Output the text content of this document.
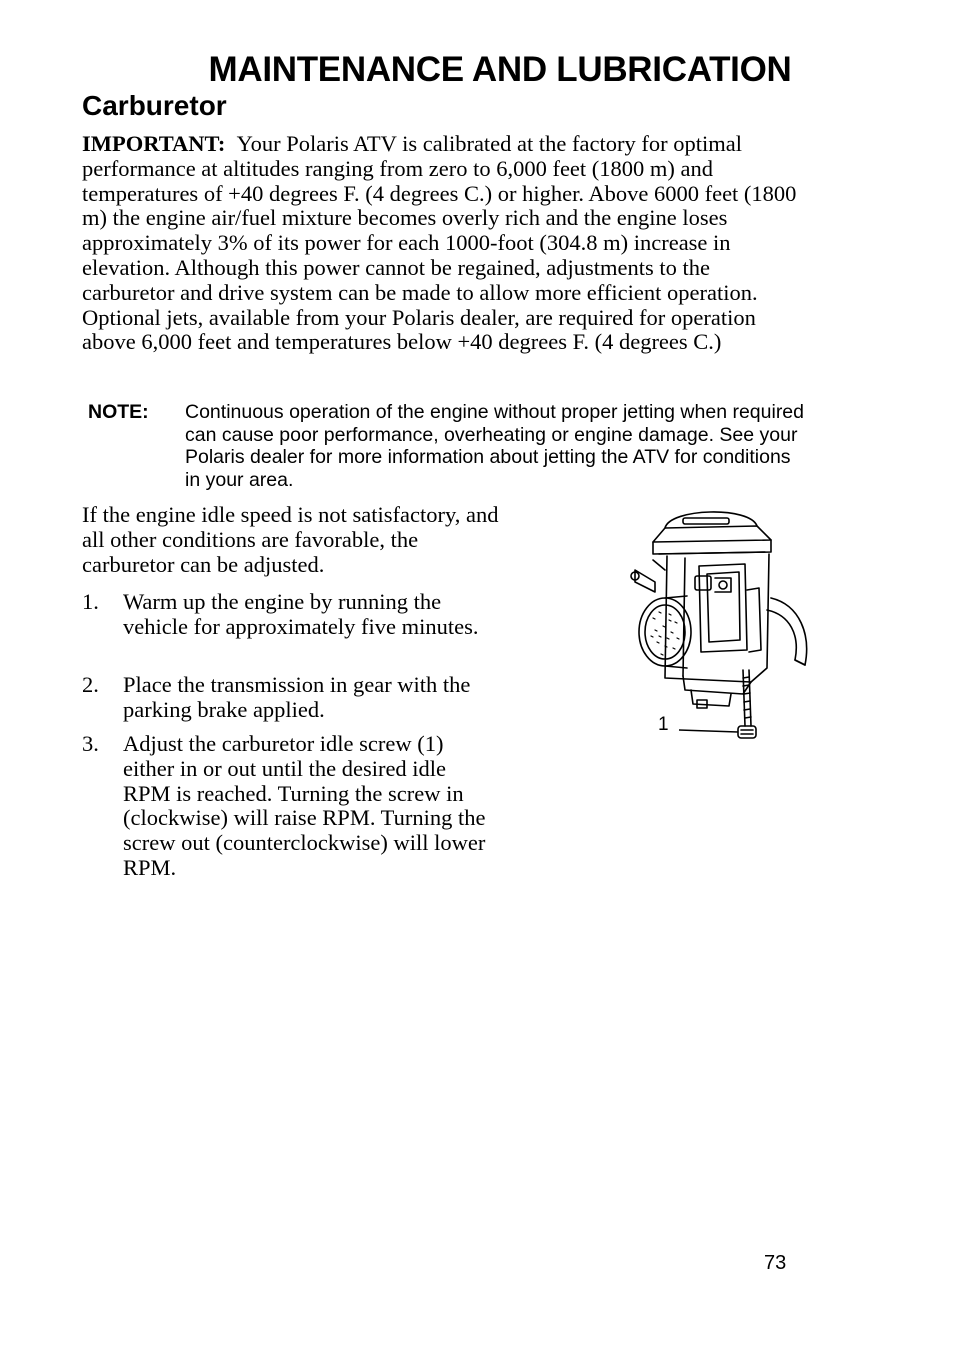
MAINTENANCE AND LUBRICATION
Carburetor

IMPORTANT: Your Polaris ATV is calibrated at the factory for optimal performance at altitudes ranging from zero to 6,000 feet (1800 m) and temperatures of +40 degrees F. (4 degrees C.) or higher. Above 6000 feet (1800 m) the engine air/fuel mixture becomes overly rich and the engine loses approximately 3% of its power for each 1000-foot (304.8 m) increase in elevation. Although this power cannot be regained, adjustments to the carburetor and drive system can be made to allow more efficient operation. Optional jets, available from your Polaris dealer, are required for operation above 6,000 feet and temperatures below +40 degrees F. (4 degrees C.)

NOTE: Continuous operation of the engine without proper jetting when required can cause poor performance, overheating or engine damage. See your Polaris dealer for more information about jetting the ATV for conditions in your area.

If the engine idle speed is not satisfactory, and all other conditions are favorable, the carburetor can be adjusted.

1. Warm up the engine by running the vehicle for approximately five minutes.
2. Place the transmission in gear with the parking brake applied.
3. Adjust the carburetor idle screw (1) either in or out until the desired idle RPM is reached. Turning the screw in (clockwise) will raise RPM. Turning the screw out (counterclockwise) will lower RPM.
1
73
